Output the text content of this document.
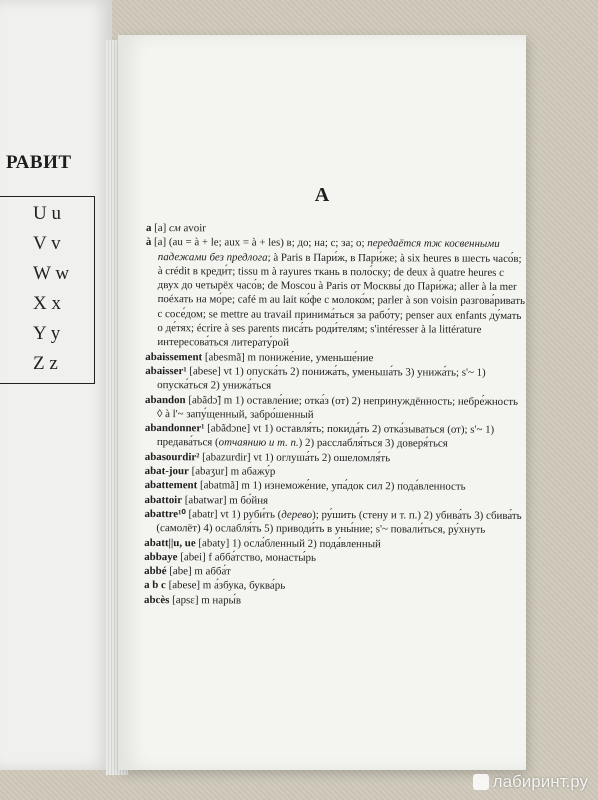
РАВИТ
U u
V v
W w
X x
Y y
Z z
A
a [a] см avoir
à [a] (au = à + le; aux = à + les) в; до; на; с; за; о; передаётся тж косвенными падежами без предлога; à Paris в Пари́ж, в Пари́же; à six heures в шесть часо́в; à crédit в креди́т; tissu m à rayures ткань в поло́ску; de deux à quatre heures с двух до четырёх часо́в; de Moscou à Paris от Москвы́ до Пари́жа; aller à la mer поéхать на мо́ре; café m au lait ко́фе с молоко́м; parler à son voisin разгова́ривать с сосе́дом; se mettre au travail принима́ться за рабо́ту; penser aux enfants ду́мать о де́тях; écrire à ses parents писа́ть роди́телям; s'intéresser à la littérature интересова́ться литерату́рой
abaissement [abesmã] m пониже́ние, уменьше́ние
abaisser¹ [abese] vt 1) опуска́ть 2) понижа́ть, уменьша́ть 3) унижа́ть; s'~ 1) опуска́ться 2) унижа́ться
abandon [abãdɔ̃] m 1) оставле́ние; отка́з (от) 2) непринуждённость; небре́жность ◊ à l'~ запу́щенный, забро́шенный
abandonner¹ [abãdɔne] vt 1) оставля́ть; покида́ть 2) отка́зываться (от); s'~ 1) предава́ться (отчаянию и т. п.) 2) расслабля́ться 3) доверя́ться
abasourdir² [abazurdir] vt 1) оглуша́ть 2) ошеломля́ть
abat-jour [abaʒur] m абажу́р
abattement [abatmã] m 1) изнеможе́ние, упа́док сил 2) пода́вленность
abattoir [abatwar] m бо́йня
abattre¹⁰ [abatr] vt 1) руби́ть (дерево); ру́шить (стену и т. п.) 2) убива́ть 3) сбива́ть (самолёт) 4) ослабля́ть 5) приводи́ть в уны́ние; s'~ повали́ться, ру́хнуть
abatt||u, ue [abaty] 1) осла́бленный 2) пода́вленный
abbaye [abei] f абба́тство, монасты́рь
abbé [abe] m абба́т
a b c [abese] m а́збука, буква́рь
abcès [apsɛ] m нары́в
лабиринт.ру
